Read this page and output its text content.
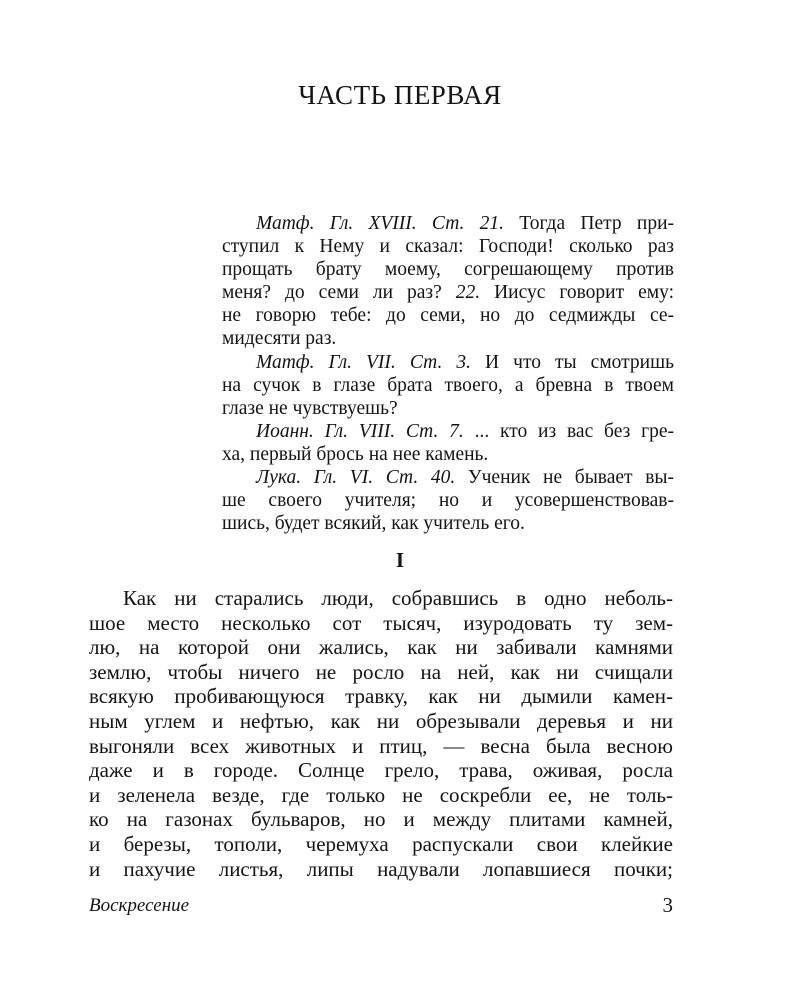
ЧАСТЬ ПЕРВАЯ
Матф. Гл. XVIII. Ст. 21. Тогда Петр при-
ступил к Нему и сказал: Господи! сколько раз
прощать брату моему, согрешающему против
меня? до семи ли раз? 22. Иисус говорит ему:
не говорю тебе: до семи, но до седмижды се-
мидесяти раз.
Матф. Гл. VII. Ст. 3. И что ты смотришь
на сучок в глазе брата твоего, а бревна в твоем
глазе не чувствуешь?
Иоанн. Гл. VIII. Ст. 7. ... кто из вас без гре-
ха, первый брось на нее камень.
Лука. Гл. VI. Ст. 40. Ученик не бывает вы-
ше своего учителя; но и усовершенствовав-
шись, будет всякий, как учитель его.
I
Как ни старались люди, собравшись в одно неболь-
шое место несколько сот тысяч, изуродовать ту зем-
лю, на которой они жались, как ни забивали камнями
землю, чтобы ничего не росло на ней, как ни счищали
всякую пробивающуюся травку, как ни дымили камен-
ным углем и нефтью, как ни обрезывали деревья и ни
выгоняли всех животных и птиц, — весна была весною
даже и в городе. Солнце грело, трава, оживая, росла
и зеленела везде, где только не соскребли ее, не толь-
ко на газонах бульваров, но и между плитами камней,
и березы, тополи, черемуха распускали свои клейкие
и пахучие листья, липы надували лопавшиеся почки;
Воскресение	3
